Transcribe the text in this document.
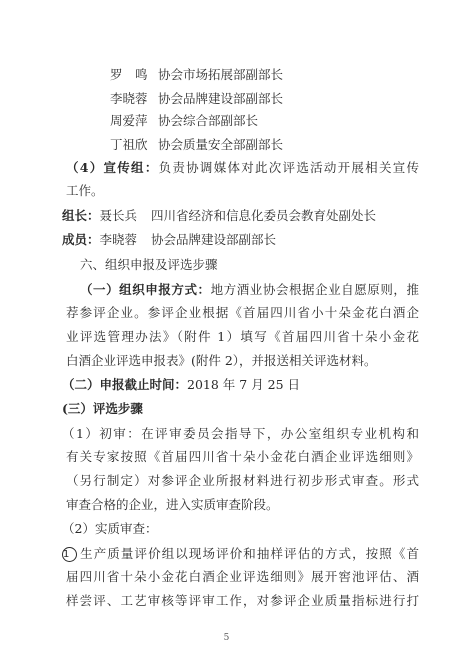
罗　鸣 协会市场拓展部副部长
李晓蓉 协会品牌建设部副部长
周爱萍 协会综合部副部长
丁祖欣 协会质量安全部副部长
（4）宣传组：负责协调媒体对此次评选活动开展相关宣传
工作。
组长：聂长兵 四川省经济和信息化委员会教育处副处长
成员：李晓蓉 协会品牌建设部副部长
六、组织申报及评选步骤
（一）组织申报方式：地方酒业协会根据企业自愿原则，推
荐参评企业。参评企业根据《首届四川省小十朵金花白酒企
业评选管理办法》（附件 1）填写《首届四川省十朵小金花
白酒企业评选申报表》(附件 2），并报送相关评选材料。
（二）申报截止时间：2018 年 7 月 25 日
(三）评选步骤
（1）初审：在评审委员会指导下，办公室组织专业机构和
有关专家按照《首届四川省十朵小金花白酒企业评选细则》
（另行制定）对参评企业所报材料进行初步形式审查。形式
审查合格的企业，进入实质审查阶段。
（2）实质审查：
1 生产质量评价组以现场评价和抽样评估的方式，按照《首
届四川省十朵小金花白酒企业评选细则》展开窖池评估、酒
样尝评、工艺审核等评审工作，对参评企业质量指标进行打
5
